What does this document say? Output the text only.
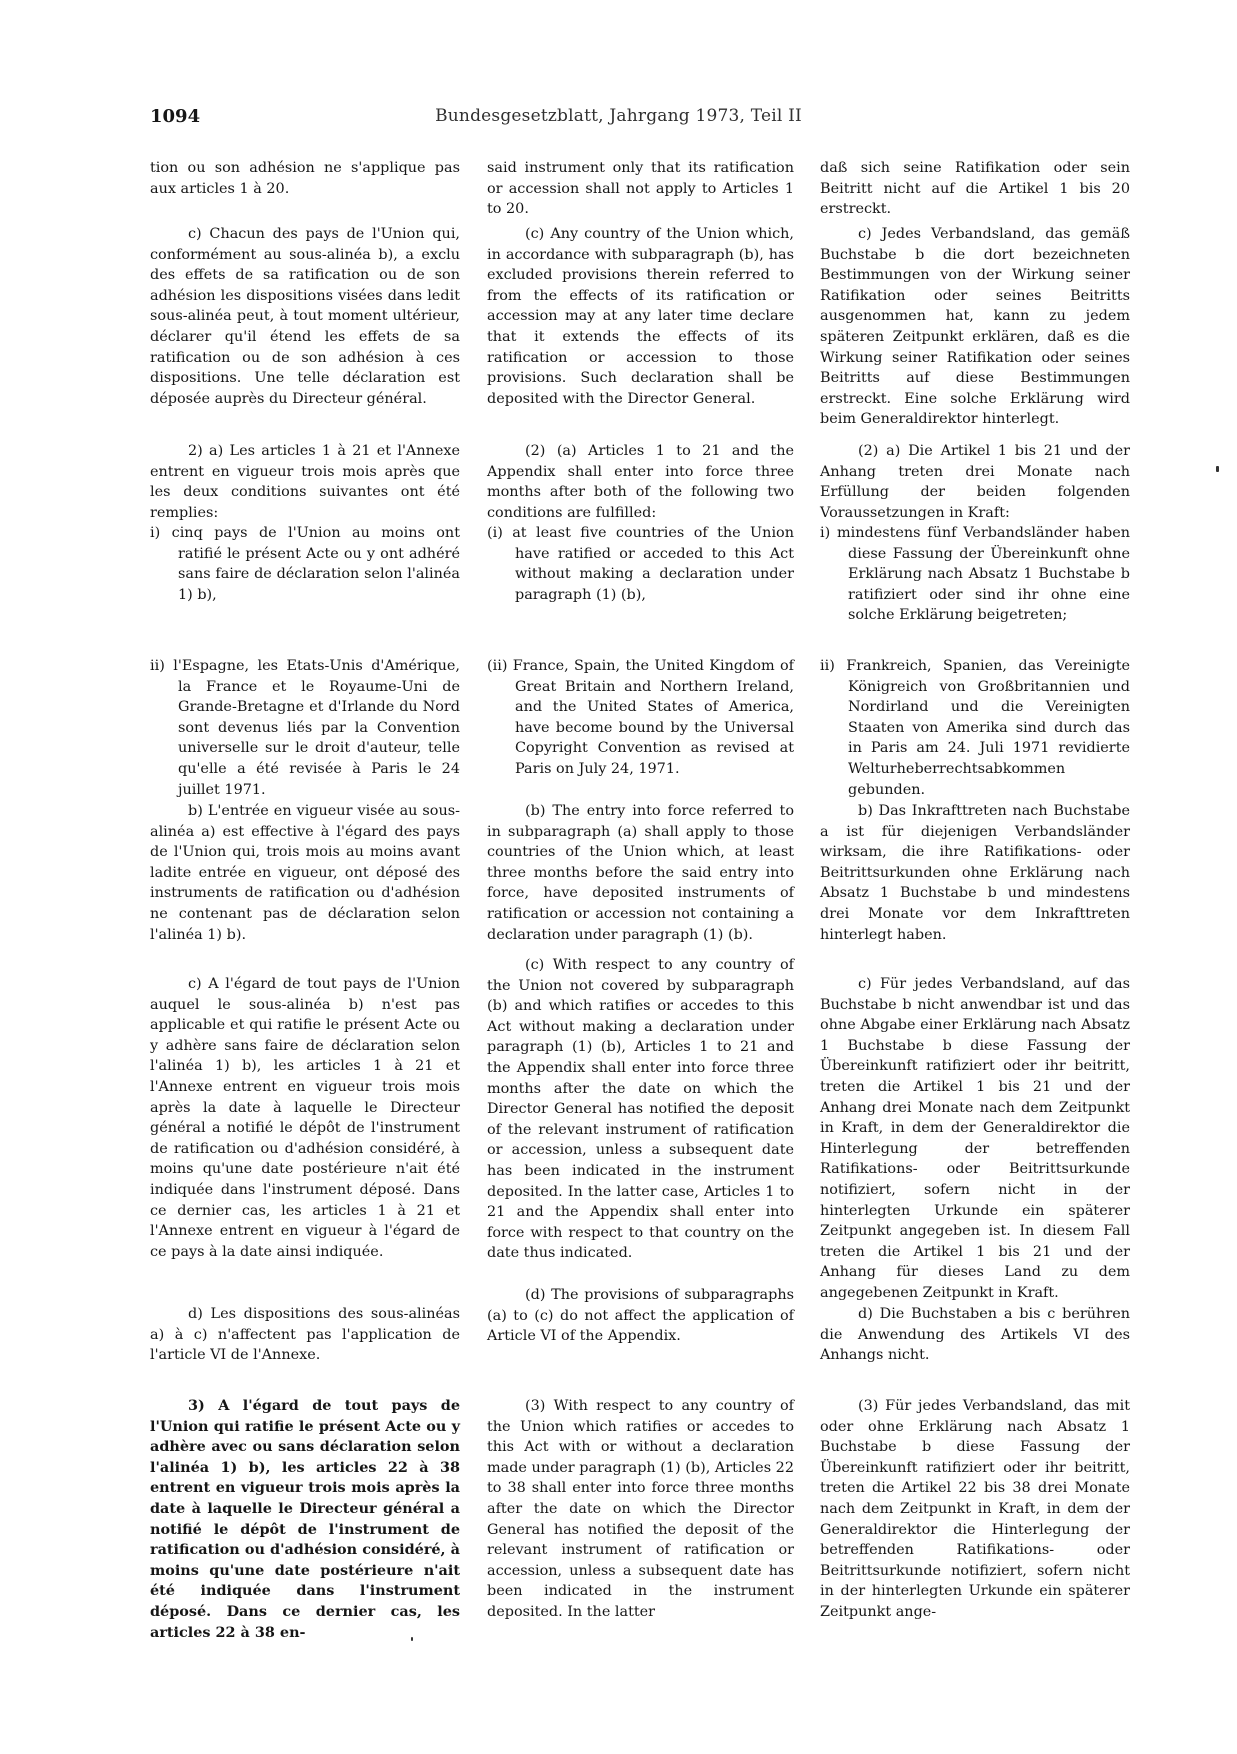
1094	Bundesgesetzblatt, Jahrgang 1973, Teil II

tion ou son adhésion ne s'applique pas aux articles 1 à 20.

c) Chacun des pays de l'Union qui, conformément au sous-alinéa b), a exclu des effets de sa ratification ou de son adhésion les dispositions visées dans ledit sous-alinéa peut, à tout moment ultérieur, déclarer qu'il étend les effets de sa ratification ou de son adhésion à ces dispositions. Une telle déclaration est déposée auprès du Directeur général.

2) a) Les articles 1 à 21 et l'Annexe entrent en vigueur trois mois après que les deux conditions suivantes ont été remplies:

i) cinq pays de l'Union au moins ont ratifié le présent Acte ou y ont adhéré sans faire de déclaration selon l'alinéa 1) b),

ii) l'Espagne, les Etats-Unis d'Amérique, la France et le Royaume-Uni de Grande-Bretagne et d'Irlande du Nord sont devenus liés par la Convention universelle sur le droit d'auteur, telle qu'elle a été revisée à Paris le 24 juillet 1971.

b) L'entrée en vigueur visée au sous-alinéa a) est effective à l'égard des pays de l'Union qui, trois mois au moins avant ladite entrée en vigueur, ont déposé des instruments de ratification ou d'adhésion ne contenant pas de déclaration selon l'alinéa 1) b).

c) A l'égard de tout pays de l'Union auquel le sous-alinéa b) n'est pas applicable et qui ratifie le présent Acte ou y adhère sans faire de déclaration selon l'alinéa 1) b), les articles 1 à 21 et l'Annexe entrent en vigueur trois mois après la date à laquelle le Directeur général a notifié le dépôt de l'instrument de ratification ou d'adhésion considéré, à moins qu'une date postérieure n'ait été indiquée dans l'instrument déposé. Dans ce dernier cas, les articles 1 à 21 et l'Annexe entrent en vigueur à l'égard de ce pays à la date ainsi indiquée.

d) Les dispositions des sous-alinéas a) à c) n'affectent pas l'application de l'article VI de l'Annexe.

3) A l'égard de tout pays de l'Union qui ratifie le présent Acte ou y adhère avec ou sans déclaration selon l'alinéa 1) b), les articles 22 à 38 entrent en vigueur trois mois après la date à laquelle le Directeur général a notifié le dépôt de l'instrument de ratification ou d'adhésion considéré, à moins qu'une date postérieure n'ait été indiquée dans l'instrument déposé. Dans ce dernier cas, les articles 22 à 38 en-

said instrument only that its ratification or accession shall not apply to Articles 1 to 20.

(c) Any country of the Union which, in accordance with subparagraph (b), has excluded provisions therein referred to from the effects of its ratification or accession may at any later time declare that it extends the effects of its ratification or accession to those provisions. Such declaration shall be deposited with the Director General.

(2) (a) Articles 1 to 21 and the Appendix shall enter into force three months after both of the following two conditions are fulfilled:

(i) at least five countries of the Union have ratified or acceded to this Act without making a declaration under paragraph (1) (b),

(ii) France, Spain, the United Kingdom of Great Britain and Northern Ireland, and the United States of America, have become bound by the Universal Copyright Convention as revised at Paris on July 24, 1971.

(b) The entry into force referred to in subparagraph (a) shall apply to those countries of the Union which, at least three months before the said entry into force, have deposited instruments of ratification or accession not containing a declaration under paragraph (1) (b).

(c) With respect to any country of the Union not covered by subparagraph (b) and which ratifies or accedes to this Act without making a declaration under paragraph (1) (b), Articles 1 to 21 and the Appendix shall enter into force three months after the date on which the Director General has notified the deposit of the relevant instrument of ratification or accession, unless a subsequent date has been indicated in the instrument deposited. In the latter case, Articles 1 to 21 and the Appendix shall enter into force with respect to that country on the date thus indicated.

(d) The provisions of subparagraphs (a) to (c) do not affect the application of Article VI of the Appendix.

(3) With respect to any country of the Union which ratifies or accedes to this Act with or without a declaration made under paragraph (1) (b), Articles 22 to 38 shall enter into force three months after the date on which the Director General has notified the deposit of the relevant instrument of ratification or accession, unless a subsequent date has been indicated in the instrument deposited. In the latter

daß sich seine Ratifikation oder sein Beitritt nicht auf die Artikel 1 bis 20 erstreckt.

c) Jedes Verbandsland, das gemäß Buchstabe b die dort bezeichneten Bestimmungen von der Wirkung seiner Ratifikation oder seines Beitritts ausgenommen hat, kann zu jedem späteren Zeitpunkt erklären, daß es die Wirkung seiner Ratifikation oder seines Beitritts auf diese Bestimmungen erstreckt. Eine solche Erklärung wird beim Generaldirektor hinterlegt.

(2) a) Die Artikel 1 bis 21 und der Anhang treten drei Monate nach Erfüllung der beiden folgenden Voraussetzungen in Kraft:

i) mindestens fünf Verbandsländer haben diese Fassung der Übereinkunft ohne Erklärung nach Absatz 1 Buchstabe b ratifiziert oder sind ihr ohne eine solche Erklärung beigetreten;

ii) Frankreich, Spanien, das Vereinigte Königreich von Großbritannien und Nordirland und die Vereinigten Staaten von Amerika sind durch das in Paris am 24. Juli 1971 revidierte Welturheberrechtsabkommen gebunden.

b) Das Inkrafttreten nach Buchstabe a ist für diejenigen Verbandsländer wirksam, die ihre Ratifikations- oder Beitrittsurkunden ohne Erklärung nach Absatz 1 Buchstabe b und mindestens drei Monate vor dem Inkrafttreten hinterlegt haben.

c) Für jedes Verbandsland, auf das Buchstabe b nicht anwendbar ist und das ohne Abgabe einer Erklärung nach Absatz 1 Buchstabe b diese Fassung der Übereinkunft ratifiziert oder ihr beitritt, treten die Artikel 1 bis 21 und der Anhang drei Monate nach dem Zeitpunkt in Kraft, in dem der Generaldirektor die Hinterlegung der betreffenden Ratifikations- oder Beitrittsurkunde notifiziert, sofern nicht in der hinterlegten Urkunde ein späterer Zeitpunkt angegeben ist. In diesem Fall treten die Artikel 1 bis 21 und der Anhang für dieses Land zu dem angegebenen Zeitpunkt in Kraft.

d) Die Buchstaben a bis c berühren die Anwendung des Artikels VI des Anhangs nicht.

(3) Für jedes Verbandsland, das mit oder ohne Erklärung nach Absatz 1 Buchstabe b diese Fassung der Übereinkunft ratifiziert oder ihr beitritt, treten die Artikel 22 bis 38 drei Monate nach dem Zeitpunkt in Kraft, in dem der Generaldirektor die Hinterlegung der betreffenden Ratifikations- oder Beitrittsurkunde notifiziert, sofern nicht in der hinterlegten Urkunde ein späterer Zeitpunkt ange-
